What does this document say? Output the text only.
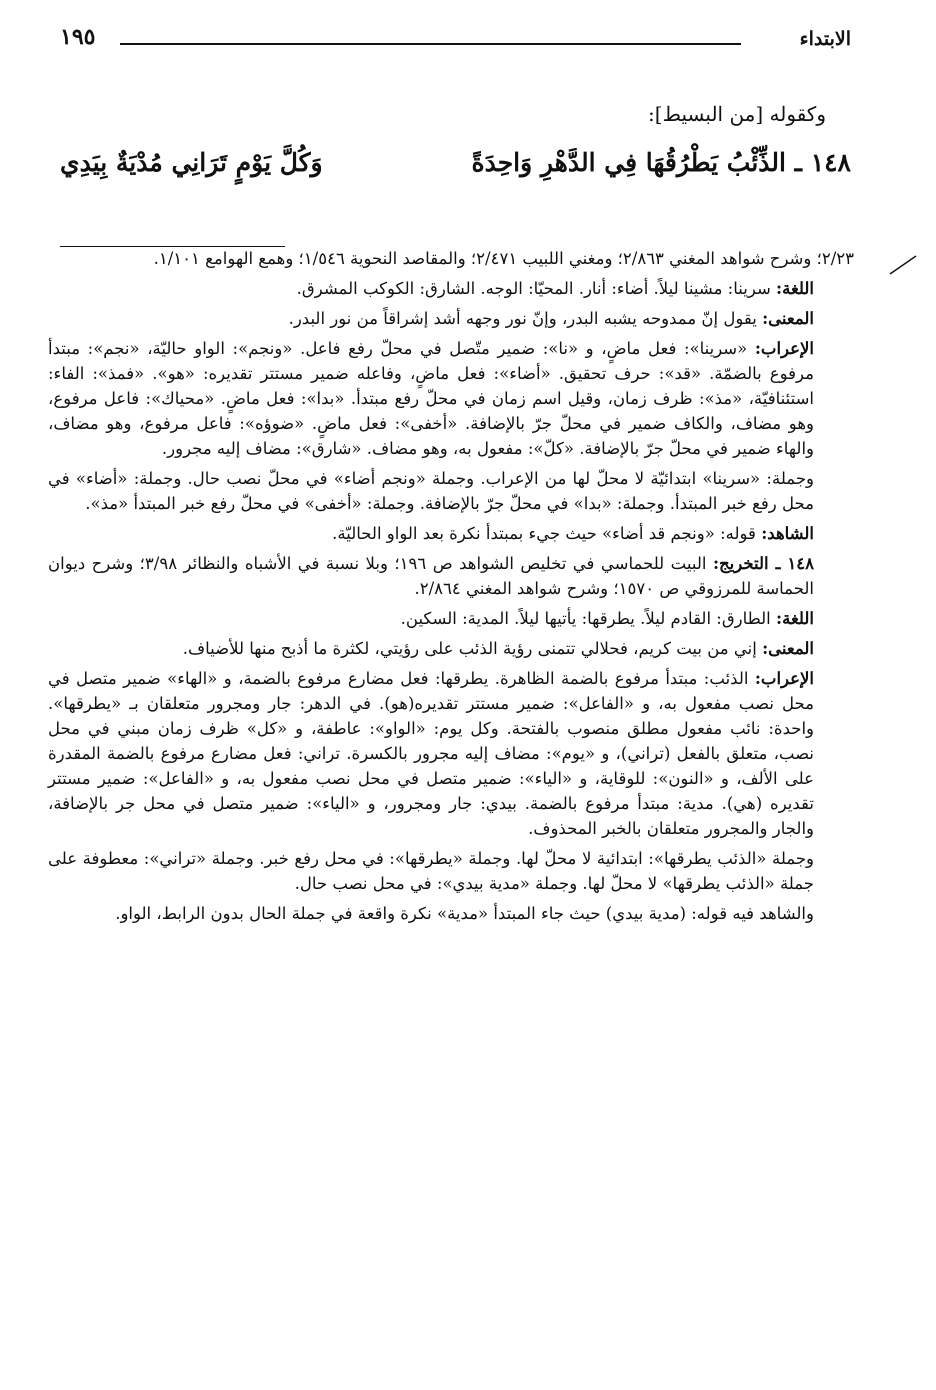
الابتداء
١٩٥
وكقوله [من البسيط]:
١٤٨ ـ الذِّئْبُ يَطْرُقُهَا فِي الدَّهْرِ وَاحِدَةً
وَكُلَّ يَوْمٍ تَرَانِي مُدْيَةٌ بِيَدِي

٢/٢٣؛ وشرح شواهد المغني ٢/٨٦٣؛ ومغني اللبيب ٢/٤٧١؛ والمقاصد النحوية ١/٥٤٦؛ وهمع الهوامع ١/١٠١.

اللغة: سرينا: مشينا ليلاً. أضاء: أنار. المحيّا: الوجه. الشارق: الكوكب المشرق.

المعنى: يقول إنّ ممدوحه يشبه البدر، وإنّ نور وجهه أشد إشراقاً من نور البدر.

الإعراب: «سرينا»: فعل ماضٍ، و «نا»: ضمير متّصل في محلّ رفع فاعل. «ونجم»: الواو حاليّة، «نجم»: مبتدأ مرفوع بالضمّة. «قد»: حرف تحقيق. «أضاء»: فعل ماضٍ، وفاعله ضمير مستتر تقديره: «هو». «فمذ»: الفاء: استئنافيّة، «مذ»: ظرف زمان، وقيل اسم زمان في محلّ رفع مبتدأ. «بدا»: فعل ماضٍ. «محياك»: فاعل مرفوع، وهو مضاف، والكاف ضمير في محلّ جرّ بالإضافة. «أخفى»: فعل ماضٍ. «ضوؤه»: فاعل مرفوع، وهو مضاف، والهاء ضمير في محلّ جرّ بالإضافة. «كلّ»: مفعول به، وهو مضاف. «شارق»: مضاف إليه مجرور.

وجملة: «سرينا» ابتدائيّة لا محلّ لها من الإعراب. وجملة «ونجم أضاء» في محلّ نصب حال. وجملة: «أضاء» في محل رفع خبر المبتدأ. وجملة: «بدا» في محلّ جرّ بالإضافة. وجملة: «أخفى» في محلّ رفع خبر المبتدأ «مذ».

الشاهد: قوله: «ونجم قد أضاء» حيث جيء بمبتدأ نكرة بعد الواو الحاليّة.

١٤٨ ـ التخريج: البيت للحماسي في تخليص الشواهد ص ١٩٦؛ وبلا نسبة في الأشباه والنظائر ٣/٩٨؛ وشرح ديوان الحماسة للمرزوقي ص ١٥٧٠؛ وشرح شواهد المغني ٢/٨٦٤.

اللغة: الطارق: القادم ليلاً. يطرقها: يأتيها ليلاً. المدية: السكين.

المعنى: إني من بيت كريم، فحلالي تتمنى رؤية الذئب على رؤيتي، لكثرة ما أذبح منها للأضياف.

الإعراب: الذئب: مبتدأ مرفوع بالضمة الظاهرة. يطرقها: فعل مضارع مرفوع بالضمة، و «الهاء» ضمير متصل في محل نصب مفعول به، و «الفاعل»: ضمير مستتر تقديره(هو). في الدهر: جار ومجرور متعلقان بـ «يطرقها». واحدة: نائب مفعول مطلق منصوب بالفتحة. وكل يوم: «الواو»: عاطفة، و «كل» ظرف زمان مبني في محل نصب، متعلق بالفعل (تراني)، و «يوم»: مضاف إليه مجرور بالكسرة. تراني: فعل مضارع مرفوع بالضمة المقدرة على الألف، و «النون»: للوقاية، و «الياء»: ضمير متصل في محل نصب مفعول به، و «الفاعل»: ضمير مستتر تقديره (هي). مدية: مبتدأ مرفوع بالضمة. بيدي: جار ومجرور، و «الياء»: ضمير متصل في محل جر بالإضافة، والجار والمجرور متعلقان بالخبر المحذوف.

وجملة «الذئب يطرقها»: ابتدائية لا محلّ لها. وجملة «يطرقها»: في محل رفع خبر. وجملة «تراني»: معطوفة على جملة «الذئب يطرقها» لا محلّ لها. وجملة «مدية بيدي»: في محل نصب حال.

والشاهد فيه قوله: (مدية بيدي) حيث جاء المبتدأ «مدية» نكرة واقعة في جملة الحال بدون الرابط، الواو.
